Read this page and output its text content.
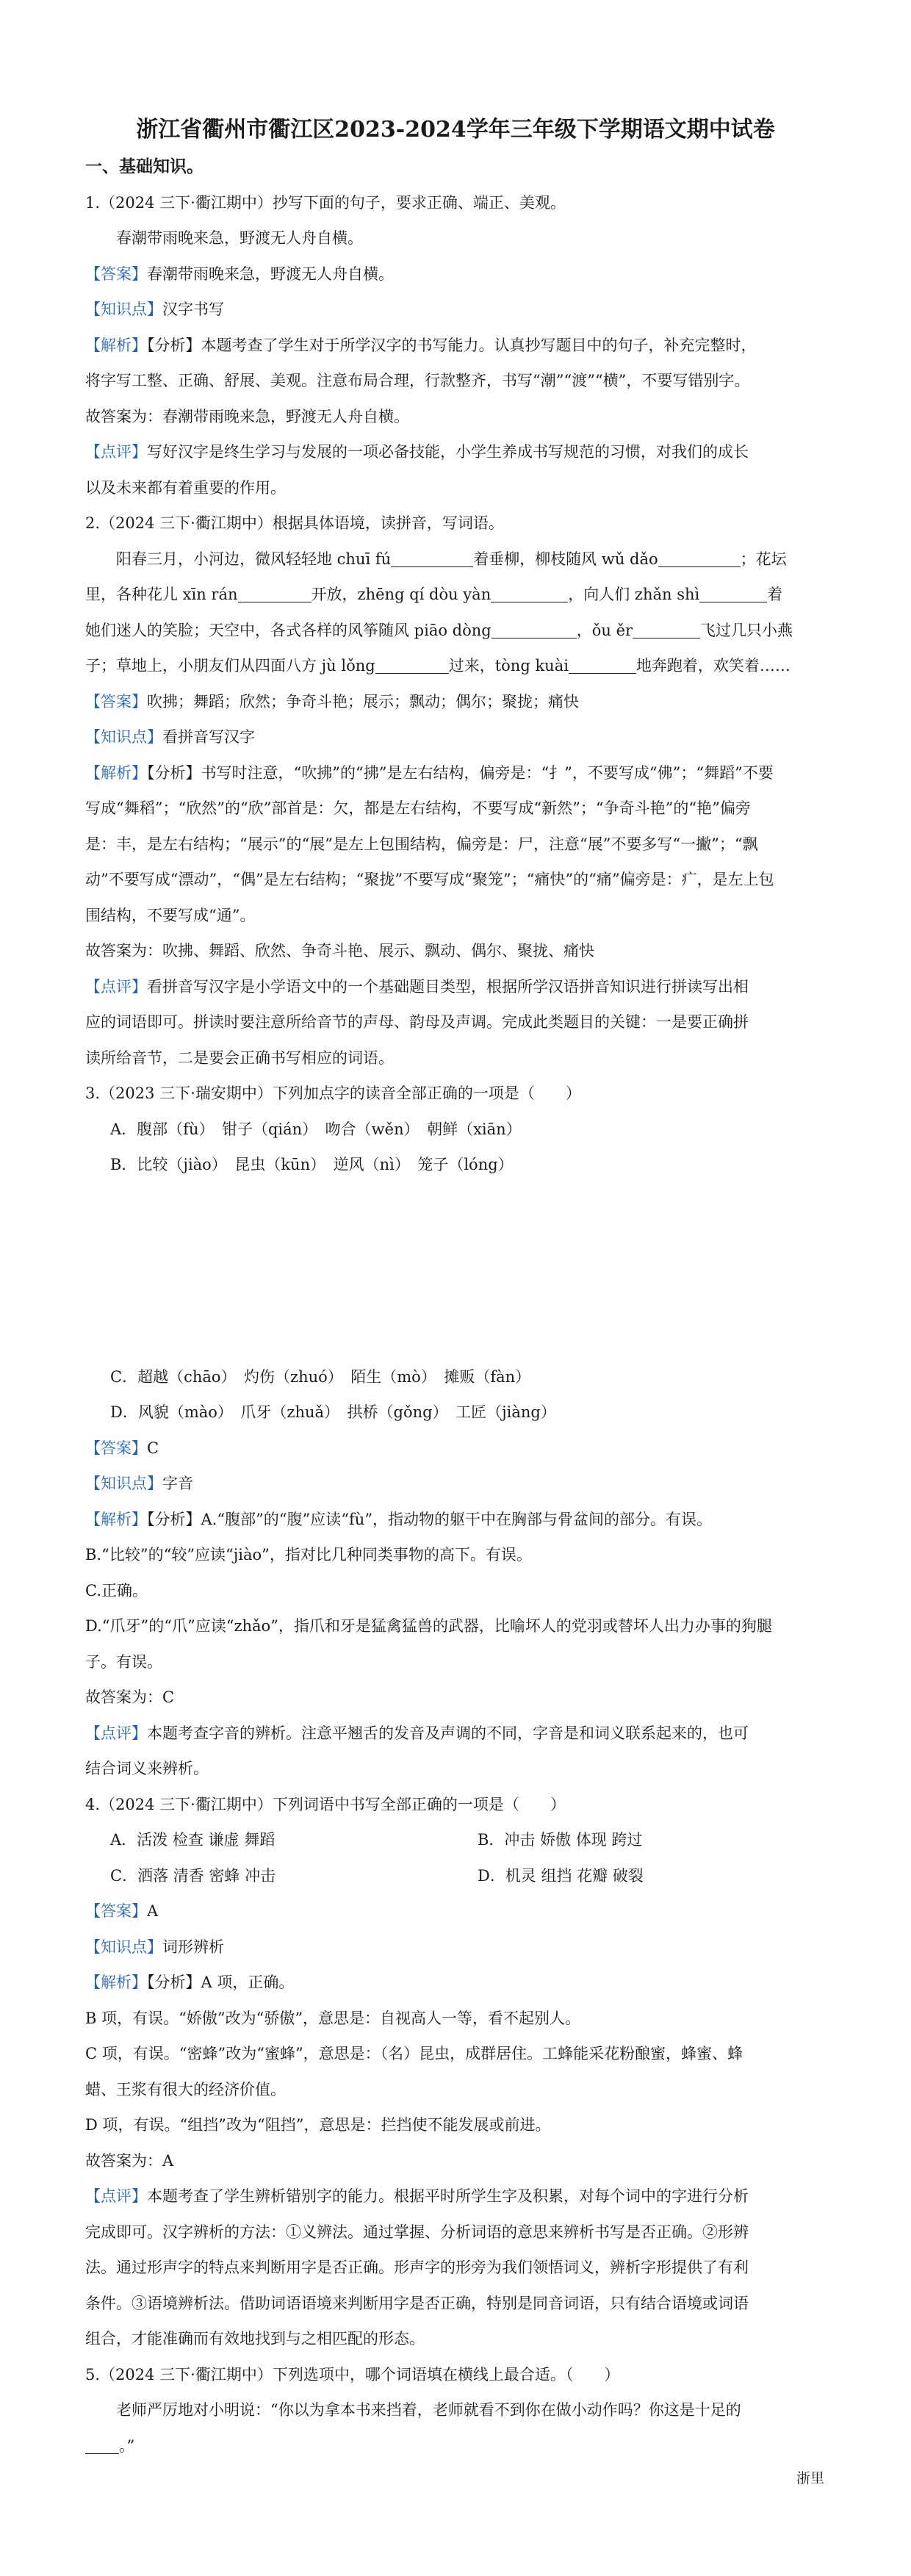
浙江省衢州市衢江区2023-2024学年三年级下学期语文期中试卷
一、基础知识。
1.（2024 三下·衢江期中）抄写下面的句子，要求正确、端正、美观。
春潮带雨晚来急，野渡无人舟自横。
【答案】春潮带雨晚来急，野渡无人舟自横。
【知识点】汉字书写
【解析】【分析】本题考查了学生对于所学汉字的书写能力。认真抄写题目中的句子，补充完整时，
将字写工整、正确、舒展、美观。注意布局合理，行款整齐，书写“潮”“渡”“横”，不要写错别字。
故答案为：春潮带雨晚来急，野渡无人舟自横。
【点评】写好汉字是终生学习与发展的一项必备技能，小学生养成书写规范的习惯，对我们的成长
以及未来都有着重要的作用。
2.（2024 三下·衢江期中）根据具体语境，读拼音，写词语。
阳春三月，小河边，微风轻轻地 chuī fú	着垂柳，柳枝随风 wǔ dǎo	；花坛
里，各种花儿 xīn rán	开放，zhēng qí dòu yàn	，向人们 zhǎn shì	着
她们迷人的笑脸；天空中，各式各样的风筝随风 piāo dòng	，ǒu ěr	飞过几只小燕
子；草地上，小朋友们从四面八方 jù lǒng	过来，tòng kuài	地奔跑着，欢笑着……
【答案】吹拂；舞蹈；欣然；争奇斗艳；展示；飘动；偶尔；聚拢；痛快
【知识点】看拼音写汉字
【解析】【分析】书写时注意，“吹拂”的“拂”是左右结构，偏旁是：“扌”，不要写成“佛”；“舞蹈”不要
写成“舞稻”；“欣然”的“欣”部首是：欠，都是左右结构，不要写成“新然”；“争奇斗艳”的“艳”偏旁
是：丰，是左右结构；“展示”的“展”是左上包围结构，偏旁是：尸，注意“展”不要多写“一撇”；“飘
动”不要写成“漂动”，“偶”是左右结构；“聚拢”不要写成“聚笼”；“痛快”的“痛”偏旁是：疒，是左上包
围结构，不要写成“通”。
故答案为：吹拂、舞蹈、欣然、争奇斗艳、展示、飘动、偶尔、聚拢、痛快
【点评】看拼音写汉字是小学语文中的一个基础题目类型，根据所学汉语拼音知识进行拼读写出相
应的词语即可。拼读时要注意所给音节的声母、韵母及声调。完成此类题目的关键：一是要正确拼
读所给音节，二是要会正确书写相应的词语。
3.（2023 三下·瑞安期中）下列加点字的读音全部正确的一项是（　　）
A．腹部（fù）　钳子（qián）　吻合（wěn）　朝鲜（xiān）
B．比较（jiào）　昆虫（kūn）　逆风（nì）　笼子（lóng）
C．超越（chāo）　灼伤（zhuó）　陌生（mò）　摊贩（fàn）
D．风貌（mào）　爪牙（zhuǎ）　拱桥（gǒng）　工匠（jiàng）
【答案】C
【知识点】字音
【解析】【分析】A.“腹部”的“腹”应读“fù”，指动物的躯干中在胸部与骨盆间的部分。有误。
B.“比较”的“较”应读“jiào”，指对比几种同类事物的高下。有误。
C.正确。
D.“爪牙”的“爪”应读“zhǎo”，指爪和牙是猛禽猛兽的武器，比喻坏人的党羽或替坏人出力办事的狗腿
子。有误。
故答案为：C
【点评】本题考查字音的辨析。注意平翘舌的发音及声调的不同，字音是和词义联系起来的，也可
结合词义来辨析。
4.（2024 三下·衢江期中）下列词语中书写全部正确的一项是（　　）
A．活泼 检查 谦虚 舞蹈	B．冲击 娇傲 体现 跨过
C．洒落 清香 密蜂 冲击	D．机灵 组挡 花瓣 破裂
【答案】A
【知识点】词形辨析
【解析】【分析】A 项，正确。
B 项，有误。“娇傲”改为“骄傲”，意思是：自视高人一等，看不起别人。
C 项，有误。“密蜂”改为“蜜蜂”，意思是：（名）昆虫，成群居住。工蜂能采花粉酿蜜，蜂蜜、蜂
蜡、王浆有很大的经济价值。
D 项，有误。“组挡”改为“阻挡”，意思是：拦挡使不能发展或前进。
故答案为：A
【点评】本题考查了学生辨析错别字的能力。根据平时所学生字及积累，对每个词中的字进行分析
完成即可。汉字辨析的方法：①义辨法。通过掌握、分析词语的意思来辨析书写是否正确。②形辨
法。通过形声字的特点来判断用字是否正确。形声字的形旁为我们领悟词义，辨析字形提供了有利
条件。③语境辨析法。借助词语语境来判断用字是否正确，特别是同音词语，只有结合语境或词语
组合，才能准确而有效地找到与之相匹配的形态。
5.（2024 三下·衢江期中）下列选项中，哪个词语填在横线上最合适。（　　）
老师严厉地对小明说：“你以为拿本书来挡着，老师就看不到你在做小动作吗？你这是十足的
。”
浙里
